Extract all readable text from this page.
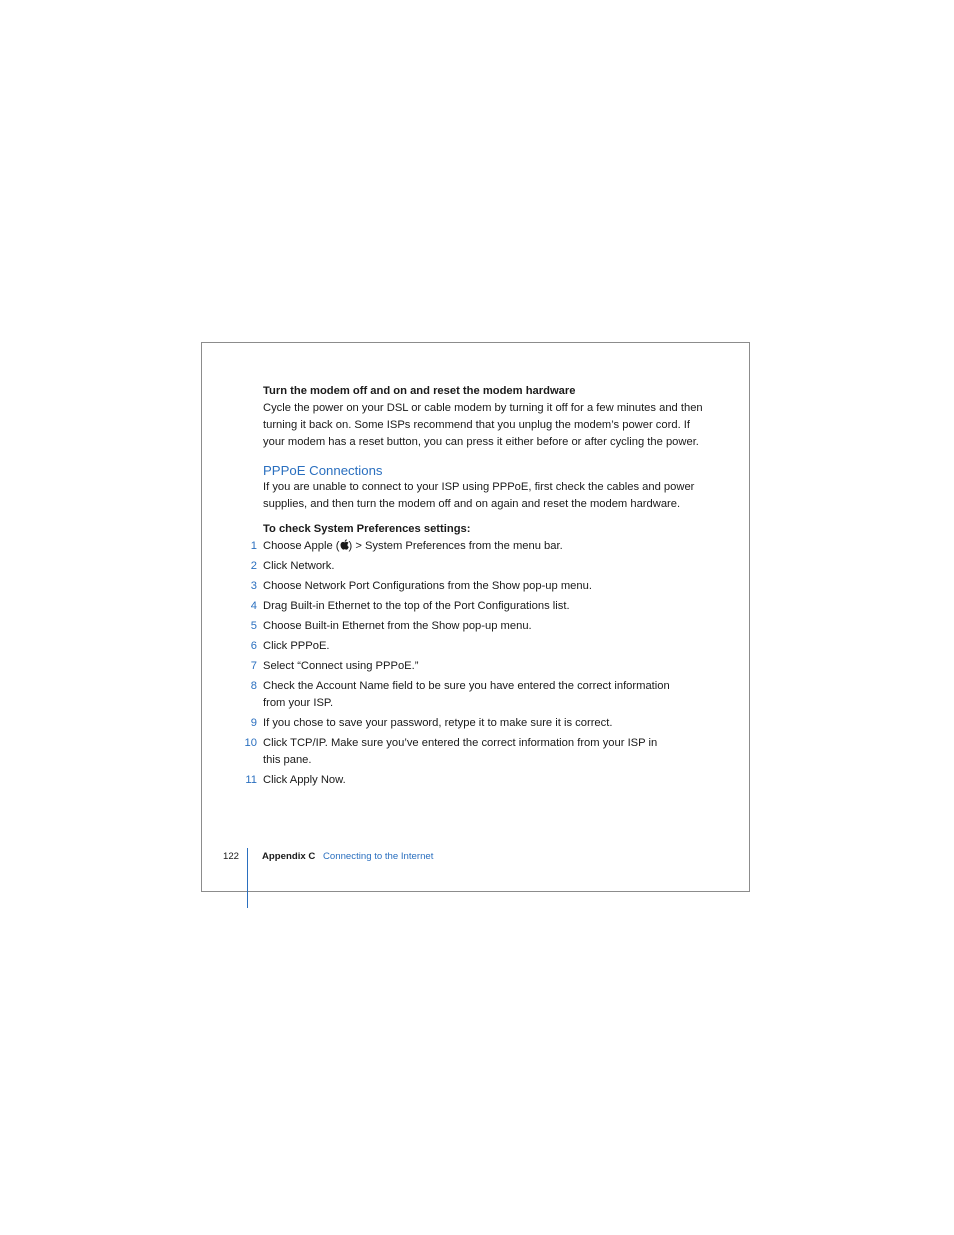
Turn the modem off and on and reset the modem hardware

Cycle the power on your DSL or cable modem by turning it off for a few minutes and then turning it back on. Some ISPs recommend that you unplug the modem’s power cord. If your modem has a reset button, you can press it either before or after cycling the power.

PPPoE Connections

If you are unable to connect to your ISP using PPPoE, first check the cables and power supplies, and then turn the modem off and on again and reset the modem hardware.

To check System Preferences settings:

1 Choose Apple ( ) > System Preferences from the menu bar.
2 Click Network.
3 Choose Network Port Configurations from the Show pop-up menu.
4 Drag Built-in Ethernet to the top of the Port Configurations list.
5 Choose Built-in Ethernet from the Show pop-up menu.
6 Click PPPoE.
7 Select “Connect using PPPoE.”
8 Check the Account Name field to be sure you have entered the correct information from your ISP.
9 If you chose to save your password, retype it to make sure it is correct.
10 Click TCP/IP. Make sure you’ve entered the correct information from your ISP in this pane.
11 Click Apply Now.
122 Appendix C Connecting to the Internet
